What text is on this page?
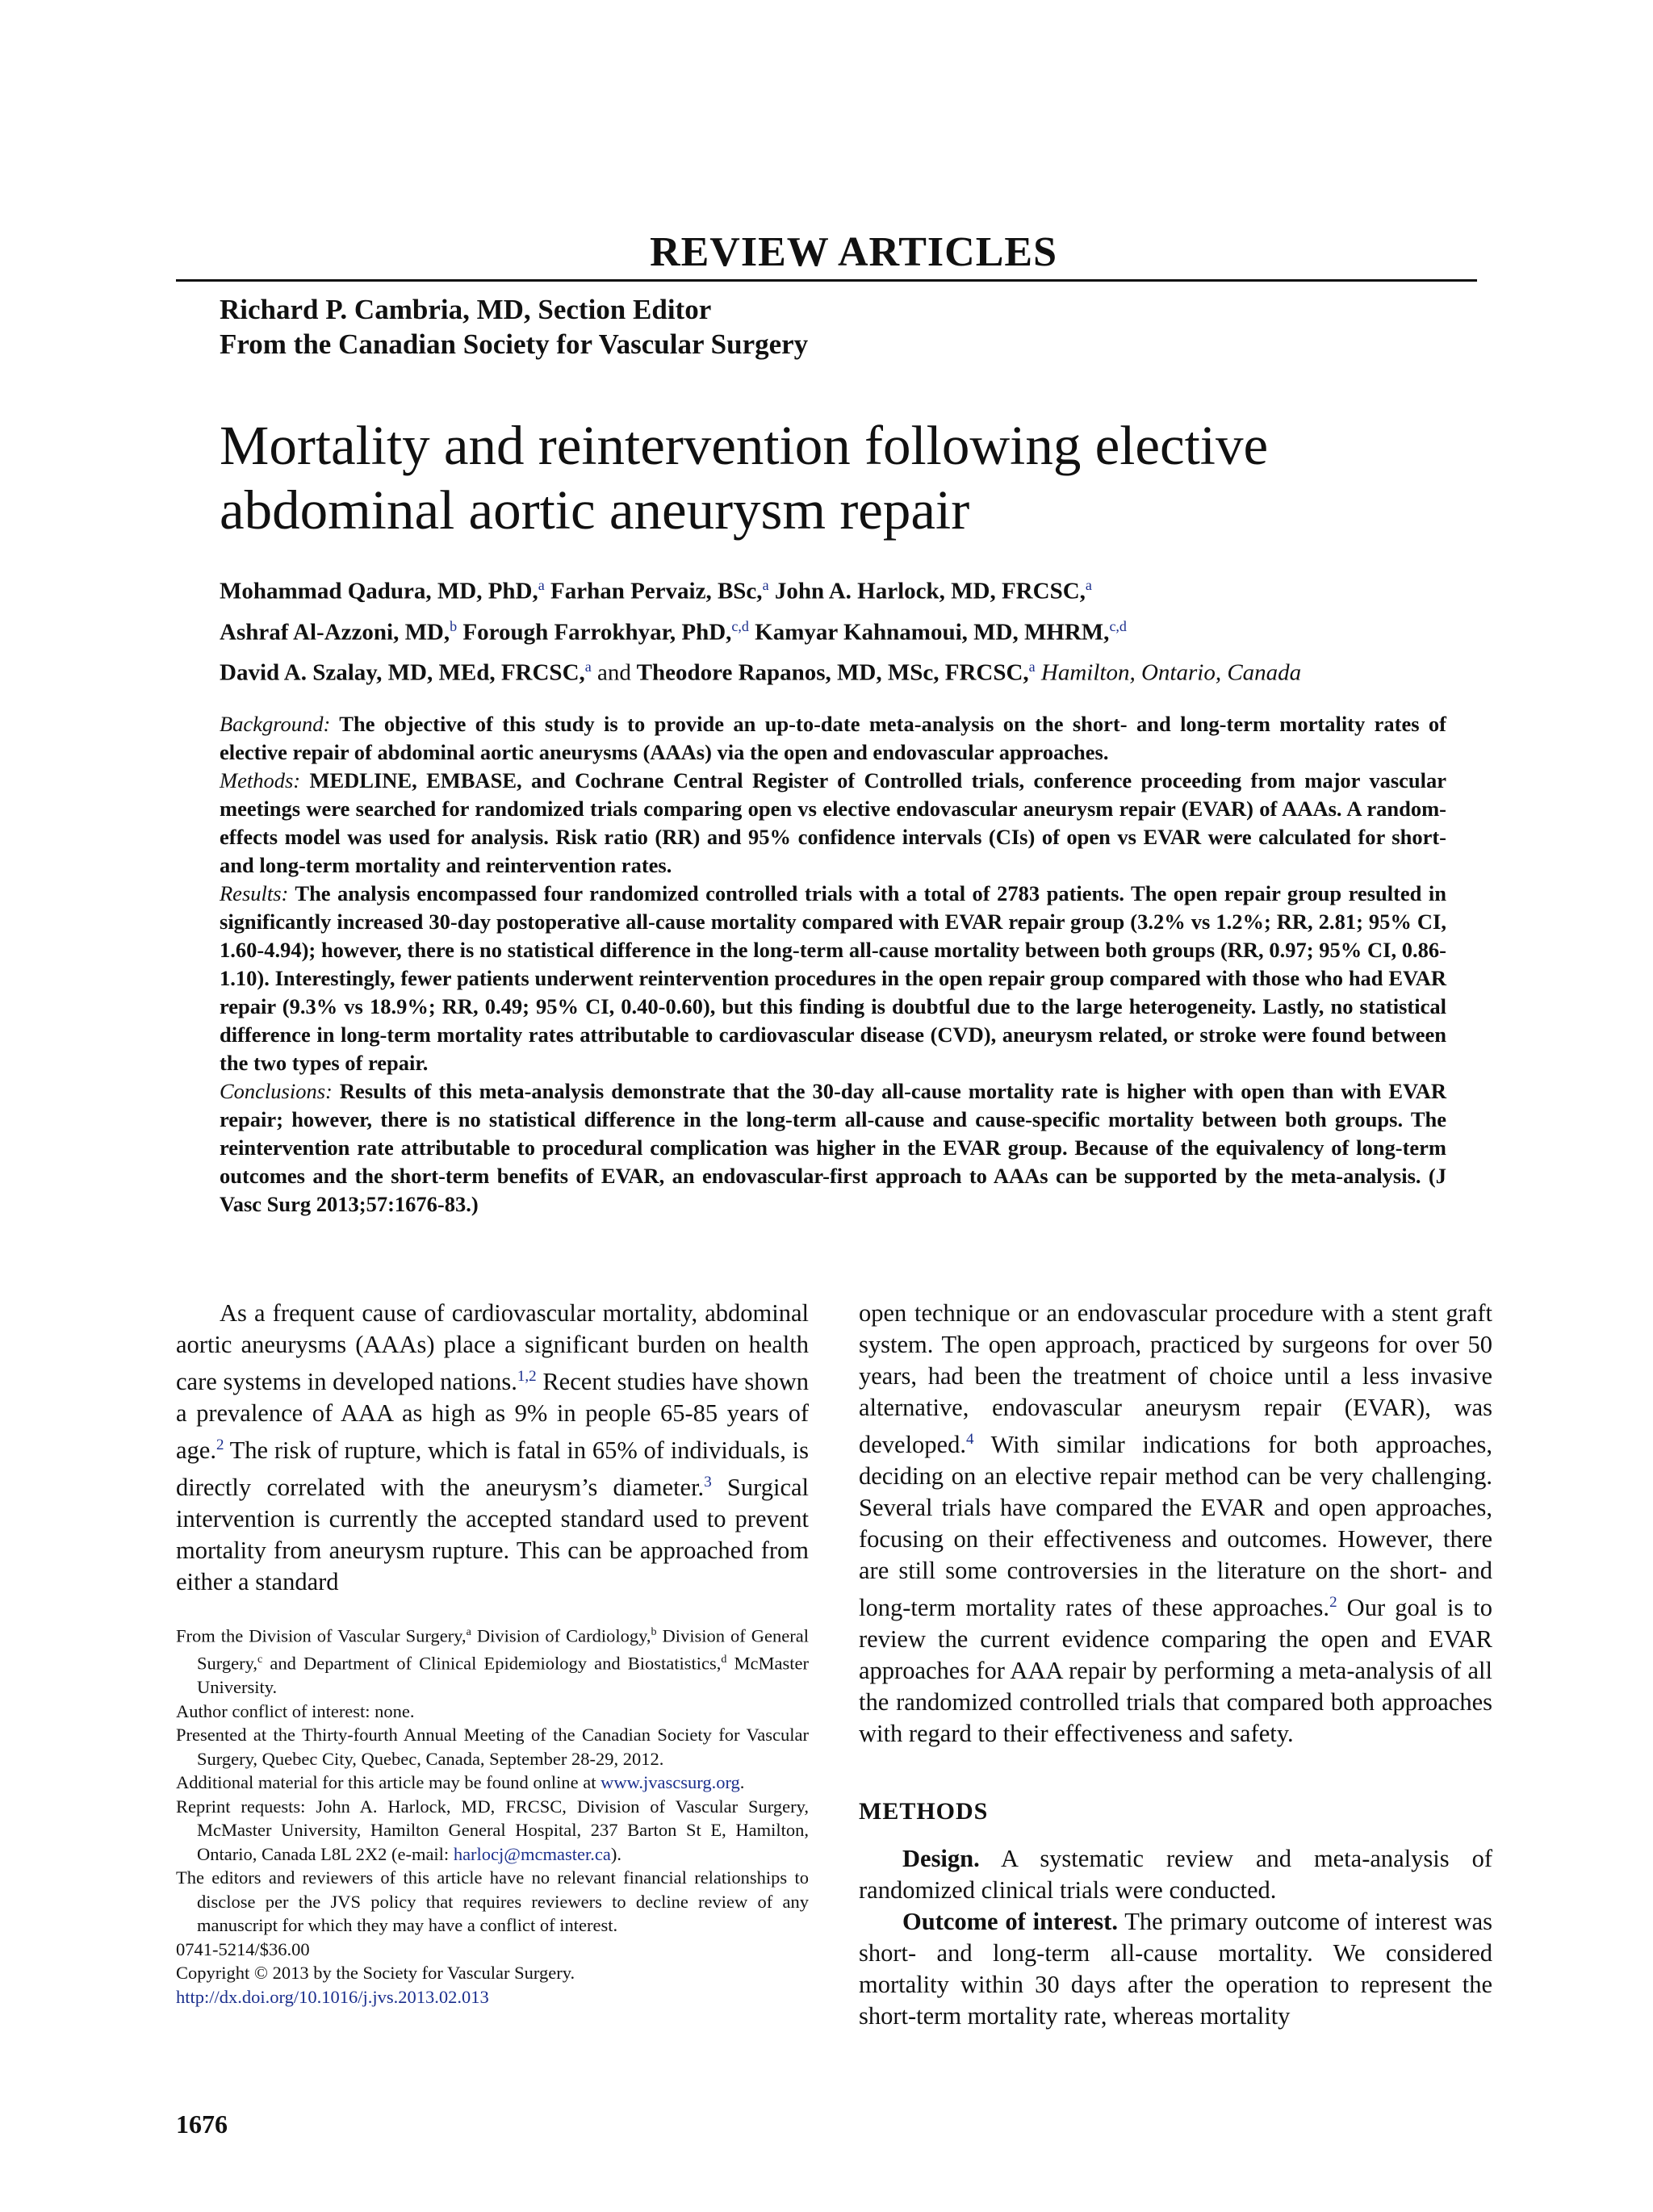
REVIEW ARTICLES
Richard P. Cambria, MD, Section Editor
From the Canadian Society for Vascular Surgery
Mortality and reintervention following elective
abdominal aortic aneurysm repair
Mohammad Qadura, MD, PhD,$^a$ Farhan Pervaiz, BSc,$^a$ John A. Harlock, MD, FRCSC,$^a$
Ashraf Al-Azzoni, MD,$^b$ Forough Farrokhyar, PhD,$^{c,d}$ Kamyar Kahnamoui, MD, MHRM,$^{c,d}$
David A. Szalay, MD, MEd, FRCSC,$^a$ and Theodore Rapanos, MD, MSc, FRCSC,$^a$ Hamilton, Ontario, Canada

Background: The objective of this study is to provide an up-to-date meta-analysis on the short- and long-term mortality rates of elective repair of abdominal aortic aneurysms (AAAs) via the open and endovascular approaches.

Methods: MEDLINE, EMBASE, and Cochrane Central Register of Controlled trials, conference proceeding from major vascular meetings were searched for randomized trials comparing open vs elective endovascular aneurysm repair (EVAR) of AAAs. A random-effects model was used for analysis. Risk ratio (RR) and 95% confidence intervals (CIs) of open vs EVAR were calculated for short- and long-term mortality and reintervention rates.

Results: The analysis encompassed four randomized controlled trials with a total of 2783 patients. The open repair group resulted in significantly increased 30-day postoperative all-cause mortality compared with EVAR repair group (3.2% vs 1.2%; RR, 2.81; 95% CI, 1.60-4.94); however, there is no statistical difference in the long-term all-cause mortality between both groups (RR, 0.97; 95% CI, 0.86-1.10). Interestingly, fewer patients underwent reintervention procedures in the open repair group compared with those who had EVAR repair (9.3% vs 18.9%; RR, 0.49; 95% CI, 0.40-0.60), but this finding is doubtful due to the large heterogeneity. Lastly, no statistical difference in long-term mortality rates attributable to cardiovascular disease (CVD), aneurysm related, or stroke were found between the two types of repair.

Conclusions: Results of this meta-analysis demonstrate that the 30-day all-cause mortality rate is higher with open than with EVAR repair; however, there is no statistical difference in the long-term all-cause and cause-specific mortality between both groups. The reintervention rate attributable to procedural complication was higher in the EVAR group. Because of the equivalency of long-term outcomes and the short-term benefits of EVAR, an endovascular-first approach to AAAs can be supported by the meta-analysis. (J Vasc Surg 2013;57:1676-83.)

As a frequent cause of cardiovascular mortality, abdominal aortic aneurysms (AAAs) place a significant burden on health care systems in developed nations.$^{1,2}$ Recent studies have shown a prevalence of AAA as high as 9% in people 65-85 years of age.$^2$ The risk of rupture, which is fatal in 65% of individuals, is directly correlated with the aneurysm’s diameter.$^3$ Surgical intervention is currently the accepted standard used to prevent mortality from aneurysm rupture. This can be approached from either a standard

open technique or an endovascular procedure with a stent graft system. The open approach, practiced by surgeons for over 50 years, had been the treatment of choice until a less invasive alternative, endovascular aneurysm repair (EVAR), was developed.$^4$ With similar indications for both approaches, deciding on an elective repair method can be very challenging. Several trials have compared the EVAR and open approaches, focusing on their effectiveness and outcomes. However, there are still some controversies in the literature on the short- and long-term mortality rates of these approaches.$^2$ Our goal is to review the current evidence comparing the open and EVAR approaches for AAA repair by performing a meta-analysis of all the randomized controlled trials that compared both approaches with regard to their effectiveness and safety.

METHODS

Design. A systematic review and meta-analysis of randomized clinical trials were conducted.

Outcome of interest. The primary outcome of interest was short- and long-term all-cause mortality. We considered mortality within 30 days after the operation to represent the short-term mortality rate, whereas mortality

From the Division of Vascular Surgery,$^a$ Division of Cardiology,$^b$ Division of General Surgery,$^c$ and Department of Clinical Epidemiology and Biostatistics,$^d$ McMaster University.

Author conflict of interest: none.

Presented at the Thirty-fourth Annual Meeting of the Canadian Society for Vascular Surgery, Quebec City, Quebec, Canada, September 28-29, 2012.

Additional material for this article may be found online at www.jvascsurg.org.

Reprint requests: John A. Harlock, MD, FRCSC, Division of Vascular Surgery, McMaster University, Hamilton General Hospital, 237 Barton St E, Hamilton, Ontario, Canada L8L 2X2 (e-mail: harlocj@mcmaster.ca).

The editors and reviewers of this article have no relevant financial relationships to disclose per the JVS policy that requires reviewers to decline review of any manuscript for which they may have a conflict of interest.

0741-5214/$36.00

Copyright © 2013 by the Society for Vascular Surgery.

http://dx.doi.org/10.1016/j.jvs.2013.02.013

1676
